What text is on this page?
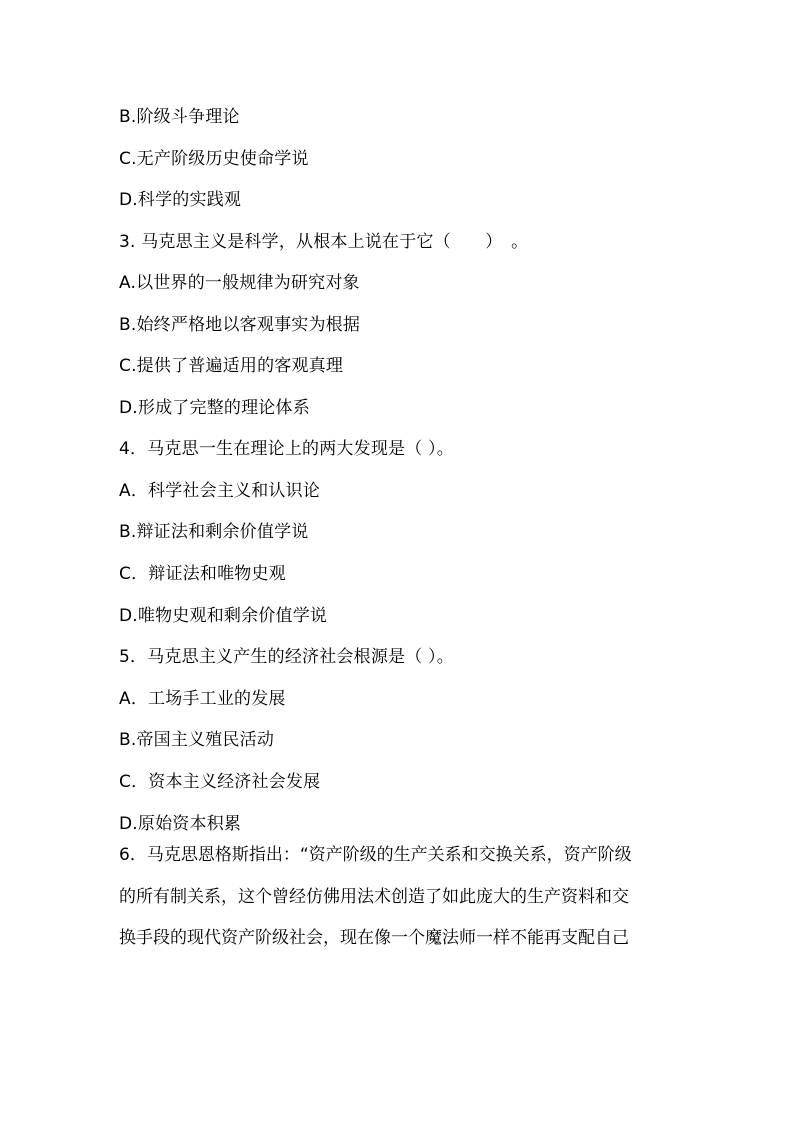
B.阶级斗争理论
C.无产阶级历史使命学说
D.科学的实践观
3. 马克思主义是科学，从根本上说在于它（　　）　。
A.以世界的一般规律为研究对象
B.始终严格地以客观事实为根据
C.提供了普遍适用的客观真理
D.形成了完整的理论体系
4．马克思一生在理论上的两大发现是（ ）。
A．科学社会主义和认识论
B.辩证法和剩余价值学说
C．辩证法和唯物史观
D.唯物史观和剩余价值学说
5．马克思主义产生的经济社会根源是（ ）。
A．工场手工业的发展
B.帝国主义殖民活动
C．资本主义经济社会发展
D.原始资本积累
6．马克思恩格斯指出：“资产阶级的生产关系和交换关系，资产阶级
的所有制关系，这个曾经仿佛用法术创造了如此庞大的生产资料和交
换手段的现代资产阶级社会，现在像一个魔法师一样不能再支配自己
